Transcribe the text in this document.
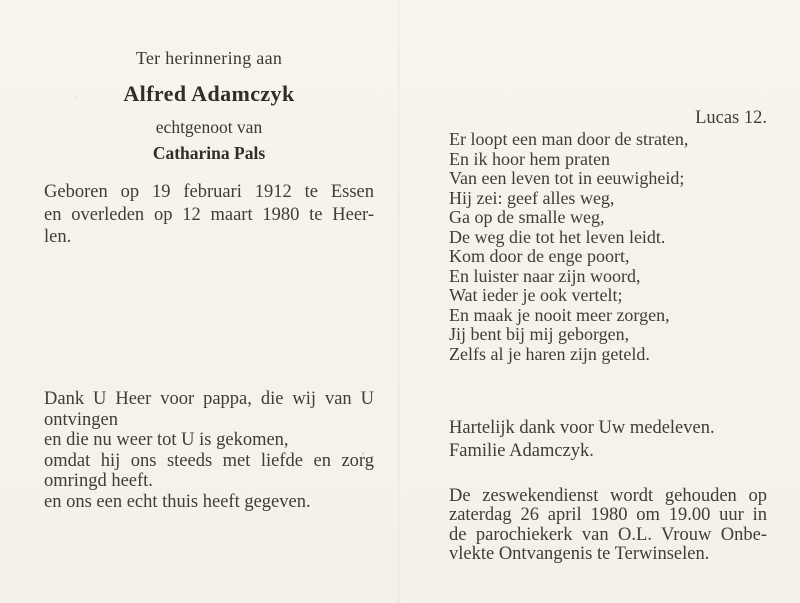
Ter herinnering aan
Alfred Adamczyk
echtgenoot van
Catharina Pals
Geboren op 19 februari 1912 te Essen
en overleden op 12 maart 1980 te Heer-
len.
Dank U Heer voor pappa, die wij van U
ontvingen
en die nu weer tot U is gekomen,
omdat hij ons steeds met liefde en zorg
omringd heeft.
en ons een echt thuis heeft gegeven.
Lucas 12.
Er loopt een man door de straten,
En ik hoor hem praten
Van een leven tot in eeuwigheid;
Hij zei: geef alles weg,
Ga op de smalle weg,
De weg die tot het leven leidt.
Kom door de enge poort,
En luister naar zijn woord,
Wat ieder je ook vertelt;
En maak je nooit meer zorgen,
Jij bent bij mij geborgen,
Zelfs al je haren zijn geteld.
Hartelijk dank voor Uw medeleven.
Familie Adamczyk.
De zeswekendienst wordt gehouden op
zaterdag 26 april 1980 om 19.00 uur in
de parochiekerk van O.L. Vrouw Onbe-
vlekte Ontvangenis te Terwinselen.
